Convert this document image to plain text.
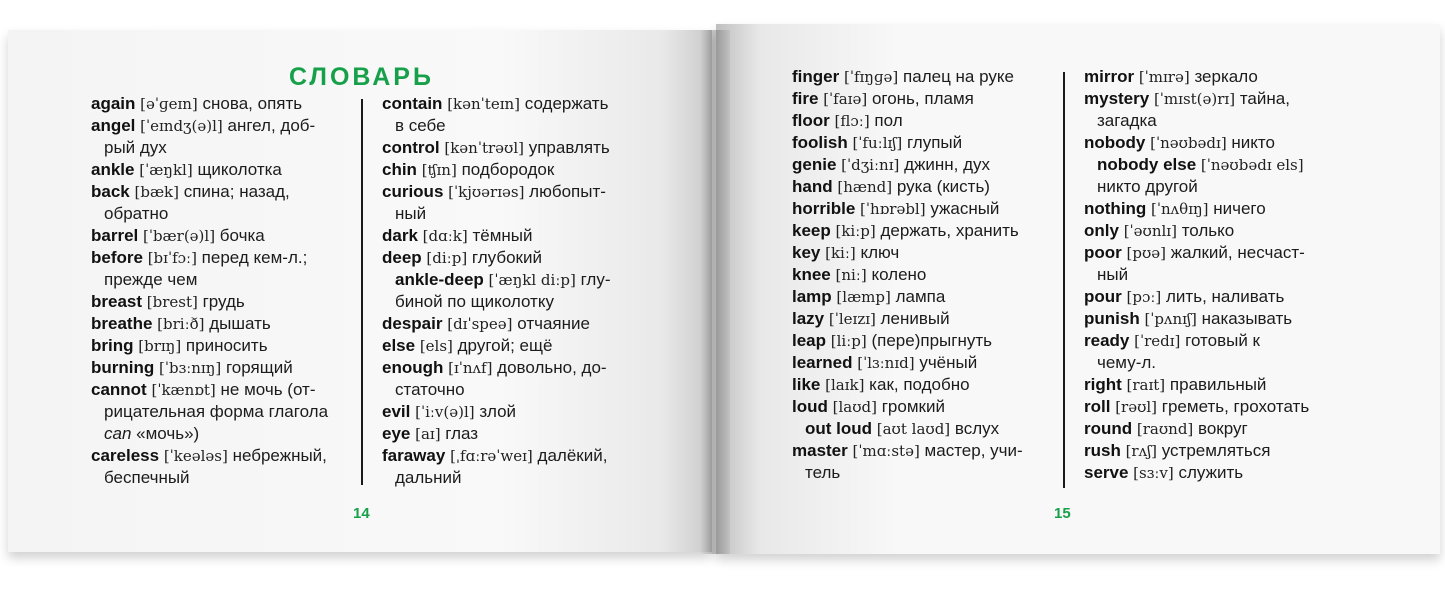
СЛОВАРЬ
again [əˈɡeɪn] снова, опять
angel [ˈeɪndʒ(ə)l] ангел, доб-
рый дух
ankle [ˈæŋkl] щиколотка
back [bæk] спина; назад,
обратно
barrel [ˈbær(ə)l] бочка
before [bɪˈfɔː] перед кем-л.;
прежде чем
breast [brest] грудь
breathe [briːð] дышать
bring [brɪŋ] приносить
burning [ˈbɜːnɪŋ] горящий
cannot [ˈkænɒt] не мочь (от-
рицательная форма глагола
can «мочь»)
careless [ˈkeələs] небрежный,
беспечный
contain [kənˈteɪn] содержать
в себе
control [kənˈtrəʊl] управлять
chin [ʧɪn] подбородок
curious [ˈkjʊərɪəs] любопыт-
ный
dark [dɑːk] тёмный
deep [diːp] глубокий
ankle-deep [ˈæŋkl diːp] глу-
биной по щиколотку
despair [dɪˈspeə] отчаяние
else [els] другой; ещё
enough [ɪˈnʌf] довольно, до-
статочно
evil [ˈiːv(ə)l] злой
eye [aɪ] глаз
faraway [ˌfɑːrəˈweɪ] далёкий,
дальний
14
finger [ˈfɪŋɡə] палец на руке
fire [ˈfaɪə] огонь, пламя
floor [flɔː] пол
foolish [ˈfuːlɪʃ] глупый
genie [ˈdʒiːnɪ] джинн, дух
hand [hænd] рука (кисть)
horrible [ˈhɒrəbl] ужасный
keep [kiːp] держать, хранить
key [kiː] ключ
knee [niː] колено
lamp [læmp] лампа
lazy [ˈleɪzɪ] ленивый
leap [liːp] (пере)прыгнуть
learned [ˈlɜːnɪd] учёный
like [laɪk] как, подобно
loud [laʊd] громкий
out loud [aʊt laʊd] вслух
master [ˈmɑːstə] мастер, учи-
тель
mirror [ˈmɪrə] зеркало
mystery [ˈmɪst(ə)rɪ] тайна,
загадка
nobody [ˈnəʊbədɪ] никто
nobody else [ˈnəʊbədɪ els]
никто другой
nothing [ˈnʌθɪŋ] ничего
only [ˈəʊnlɪ] только
poor [pʊə] жалкий, несчаст-
ный
pour [pɔː] лить, наливать
punish [ˈpʌnɪʃ] наказывать
ready [ˈredɪ] готовый к
чему-л.
right [raɪt] правильный
roll [rəʊl] греметь, грохотать
round [raʊnd] вокруг
rush [rʌʃ] устремляться
serve [sɜːv] служить
15
